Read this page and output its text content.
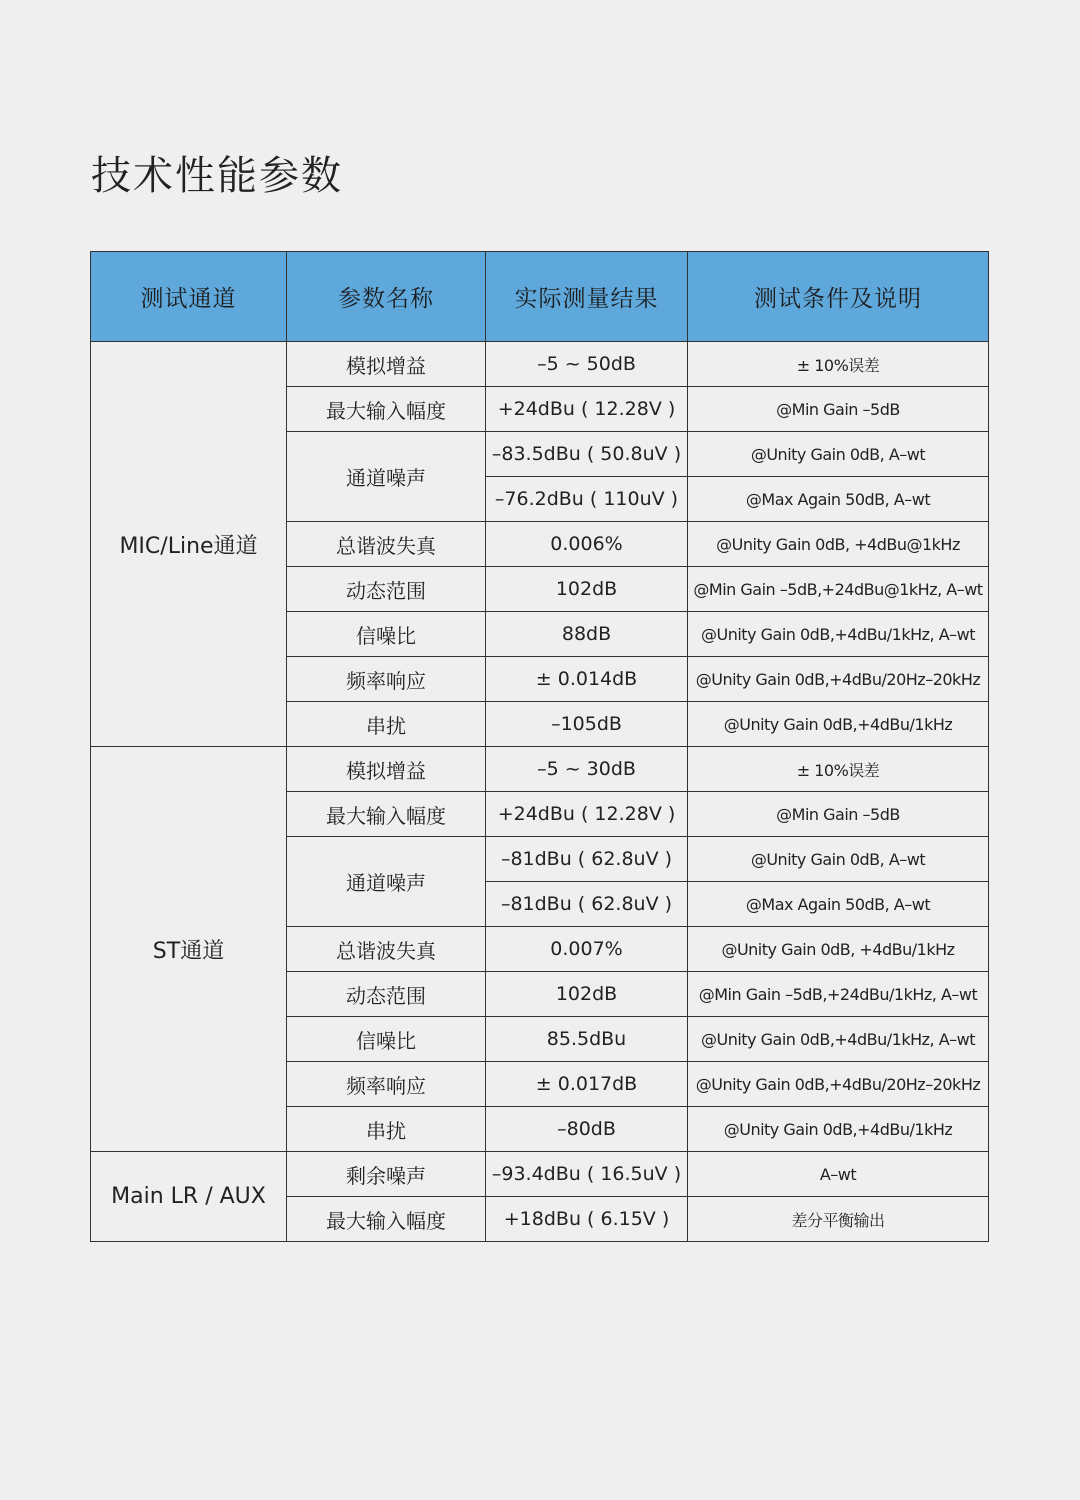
技术性能参数
测试通道	参数名称	实际测量结果	测试条件及说明
MIC/Line通道	模拟增益	–5 ~ 50dB	± 10%误差
	最大输入幅度	+24dBu ( 12.28V )	@Min Gain –5dB
	通道噪声	–83.5dBu ( 50.8uV )	@Unity Gain 0dB, A–wt
		–76.2dBu ( 110uV )	@Max Again 50dB, A–wt
	总谐波失真	0.006%	@Unity Gain 0dB, +4dBu@1kHz
	动态范围	102dB	@Min Gain –5dB,+24dBu@1kHz, A–wt
	信噪比	88dB	@Unity Gain 0dB,+4dBu/1kHz, A–wt
	频率响应	± 0.014dB	@Unity Gain 0dB,+4dBu/20Hz–20kHz
	串扰	–105dB	@Unity Gain 0dB,+4dBu/1kHz
ST通道	模拟增益	–5 ~ 30dB	± 10%误差
	最大输入幅度	+24dBu ( 12.28V )	@Min Gain –5dB
	通道噪声	–81dBu ( 62.8uV )	@Unity Gain 0dB, A–wt
		–81dBu ( 62.8uV )	@Max Again 50dB, A–wt
	总谐波失真	0.007%	@Unity Gain 0dB, +4dBu/1kHz
	动态范围	102dB	@Min Gain –5dB,+24dBu/1kHz, A–wt
	信噪比	85.5dBu	@Unity Gain 0dB,+4dBu/1kHz, A–wt
	频率响应	± 0.017dB	@Unity Gain 0dB,+4dBu/20Hz–20kHz
	串扰	–80dB	@Unity Gain 0dB,+4dBu/1kHz
Main LR / AUX	剩余噪声	–93.4dBu ( 16.5uV )	A–wt
	最大输入幅度	+18dBu ( 6.15V )	差分平衡输出
